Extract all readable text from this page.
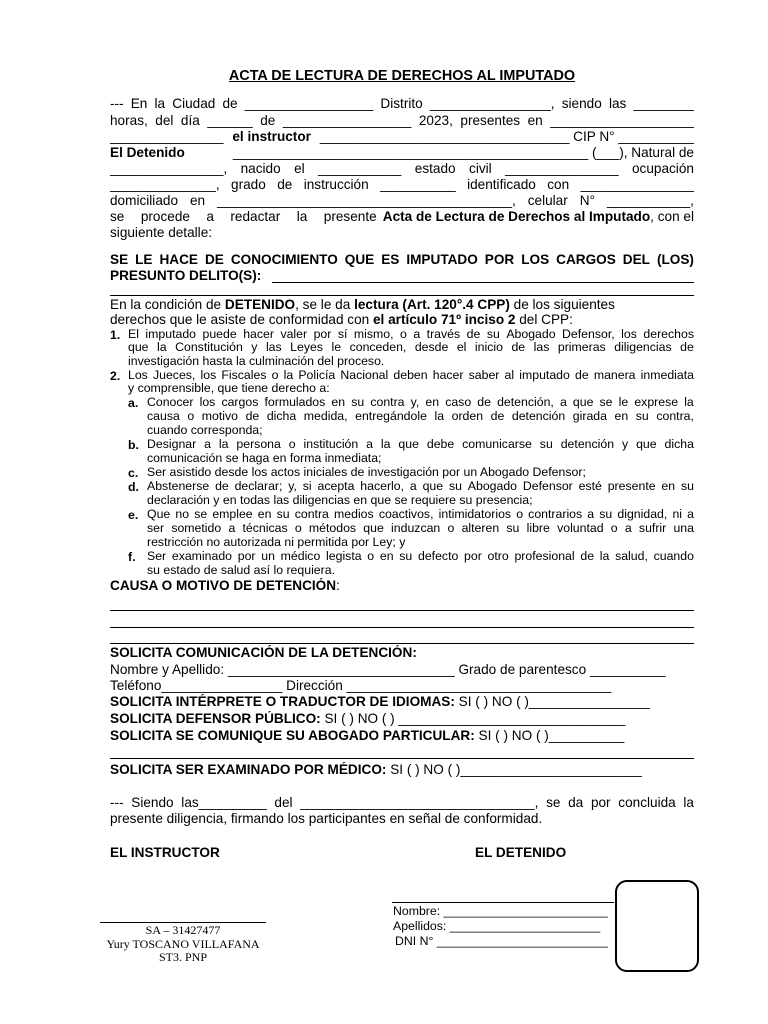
ACTA DE LECTURA DE DERECHOS AL IMPUTADO
--- En la Ciudad de _________________ Distrito ________________, siendo las ________
horas, del día ______ de _________________ 2023, presentes en ___________________
_______________ el instructor _________________________________ CIP N° __________
El Detenido	_______________________________________________ (___), Natural de
_______________, nacido el ___________ estado civil _______________ ocupación
______________, grado de instrucción __________ identificado con _______________
domiciliado en _______________________________________, celular N° ___________,
se procede a redactar la presente Acta de Lectura de Derechos al Imputado , con el
siguiente detalle:
SE LE HACE DE CONOCIMIENTO QUE ES IMPUTADO POR LOS CARGOS DEL (LOS)
PRESUNTO DELITO(S):
En la condición de DETENIDO, se le da lectura (Art. 120°.4 CPP) de los siguientes
derechos que le asiste de conformidad con el artículo 71º inciso 2 del CPP:
1. El imputado puede hacer valer por sí mismo, o a través de su Abogado Defensor, los derechos
que la Constitución y las Leyes le conceden, desde el inicio de las primeras diligencias de
investigación hasta la culminación del proceso.
2. Los Jueces, los Fiscales o la Policía Nacional deben hacer saber al imputado de manera inmediata
y comprensible, que tiene derecho a:
a. Conocer los cargos formulados en su contra y, en caso de detención, a que se le exprese la
causa o motivo de dicha medida, entregándole la orden de detención girada en su contra,
cuando corresponda;
b. Designar a la persona o institución a la que debe comunicarse su detención y que dicha
comunicación se haga en forma inmediata;
c. Ser asistido desde los actos iniciales de investigación por un Abogado Defensor;
d. Abstenerse de declarar; y, si acepta hacerlo, a que su Abogado Defensor esté presente en su
declaración y en todas las diligencias en que se requiere su presencia;
e. Que no se emplee en su contra medios coactivos, intimidatorios o contrarios a su dignidad, ni a
ser sometido a técnicas o métodos que induzcan o alteren su libre voluntad o a sufrir una
restricción no autorizada ni permitida por Ley; y
f. Ser examinado por un médico legista o en su defecto por otro profesional de la salud, cuando
su estado de salud así lo requiera.
CAUSA O MOTIVO DE DETENCIÓN:
SOLICITA COMUNICACIÓN DE LA DETENCIÓN:
Nombre y Apellido: ______________________________ Grado de parentesco __________
Teléfono________________ Dirección ___________________________________
SOLICITA INTÉRPRETE O TRADUCTOR DE IDIOMAS: SI ( ) NO ( )________________
SOLICITA DEFENSOR PÚBLICO: SI ( ) NO ( ) ______________________________
SOLICITA SE COMUNIQUE SU ABOGADO PARTICULAR: SI ( ) NO ( )__________
SOLICITA SER EXAMINADO POR MÉDICO: SI ( ) NO ( )________________________
--- Siendo las_________ del _______________________________, se da por concluida la
presente diligencia, firmando los participantes en señal de conformidad.
EL INSTRUCTOR	EL DETENIDO
SA – 31427477
Yury TOSCANO VILLAFANA
ST3. PNP
Nombre: ________________________
Apellidos: ______________________
DNI N° _________________________
